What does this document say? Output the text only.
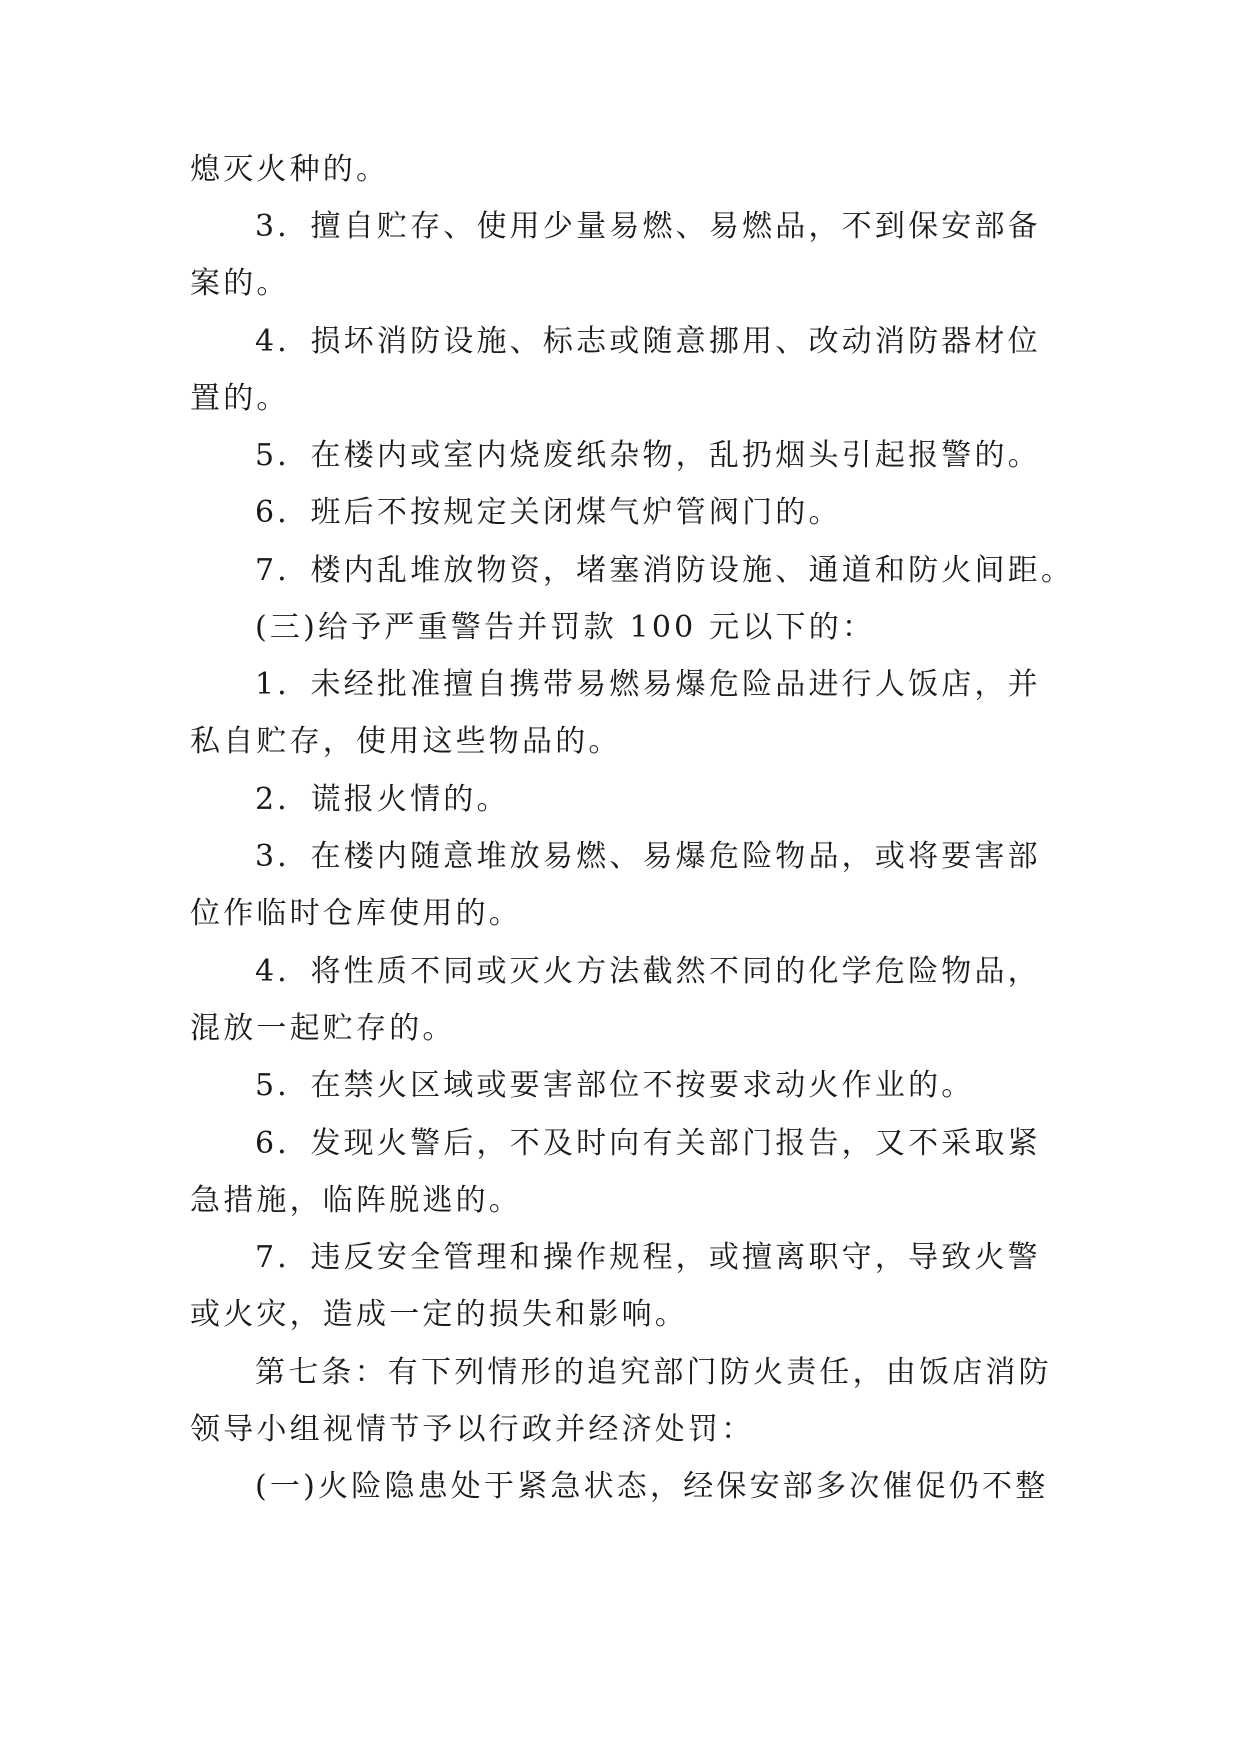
熄灭火种的。
3．擅自贮存、使用少量易燃、易燃品，不到保安部备
案的。
4．损坏消防设施、标志或随意挪用、改动消防器材位
置的。
5．在楼内或室内烧废纸杂物，乱扔烟头引起报警的。
6．班后不按规定关闭煤气炉管阀门的。
7．楼内乱堆放物资，堵塞消防设施、通道和防火间距。
(三)给予严重警告并罚款 100 元以下的：
1．未经批准擅自携带易燃易爆危险品进行人饭店，并
私自贮存，使用这些物品的。
2．谎报火情的。
3．在楼内随意堆放易燃、易爆危险物品，或将要害部
位作临时仓库使用的。
4．将性质不同或灭火方法截然不同的化学危险物品，
混放一起贮存的。
5．在禁火区域或要害部位不按要求动火作业的。
6．发现火警后，不及时向有关部门报告，又不采取紧
急措施，临阵脱逃的。
7．违反安全管理和操作规程，或擅离职守，导致火警
或火灾，造成一定的损失和影响。
第七条：有下列情形的追究部门防火责任，由饭店消防
领导小组视情节予以行政并经济处罚：
(一)火险隐患处于紧急状态，经保安部多次催促仍不整
